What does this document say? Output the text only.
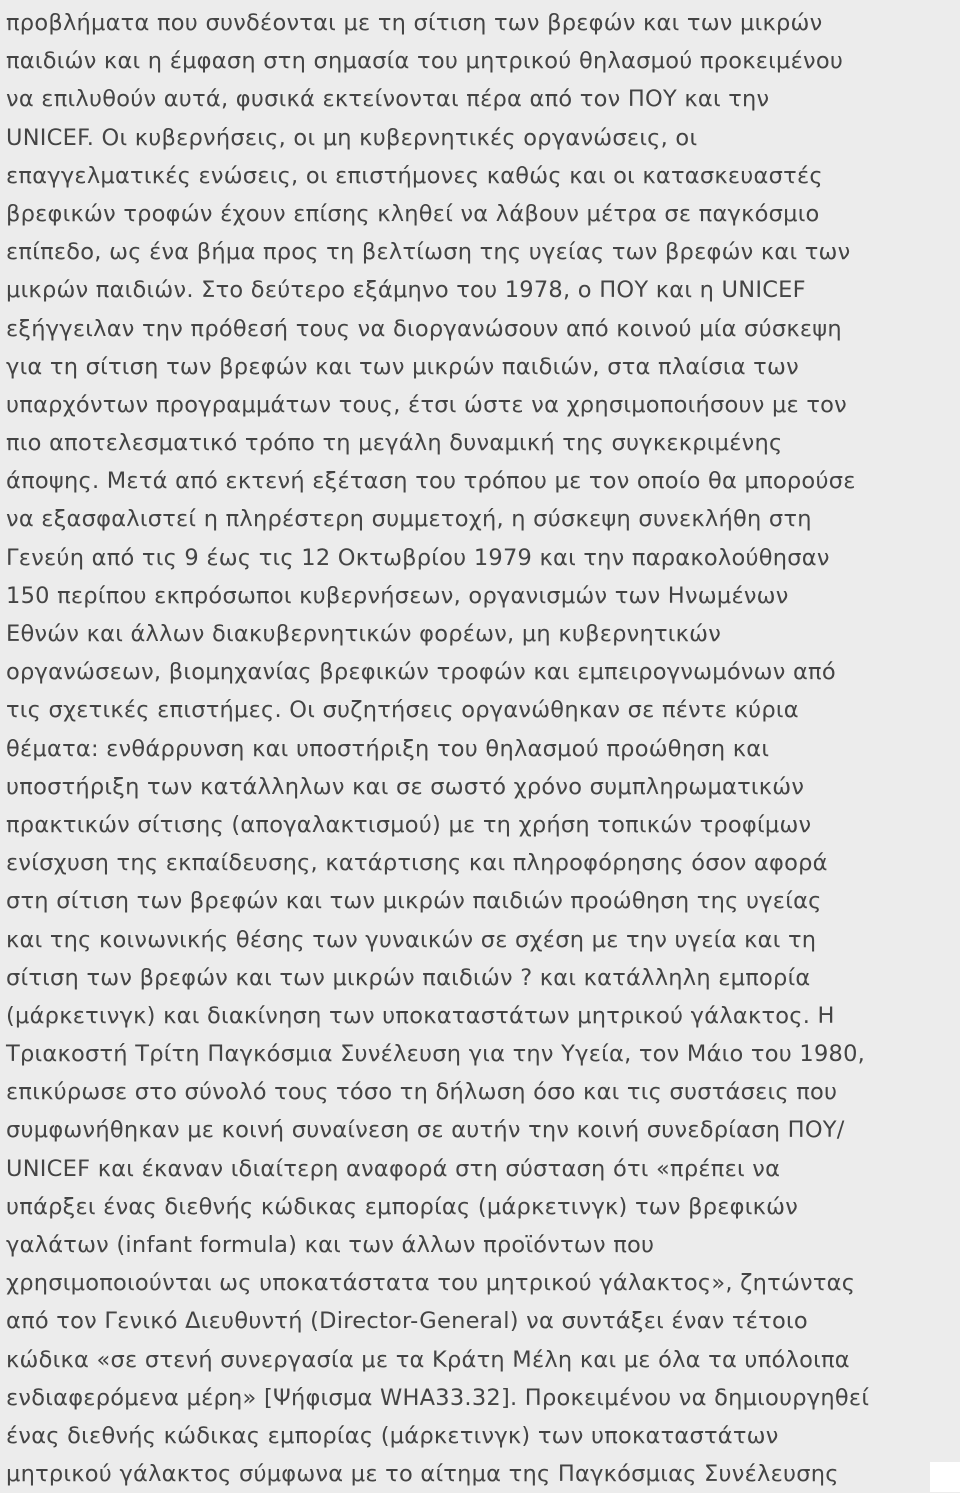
προβλήματα που συνδέονται με τη σίτιση των βρεφών και των μικρών
παιδιών και η έμφαση στη σημασία του μητρικού θηλασμού προκειμένου
να επιλυθούν αυτά, φυσικά εκτείνονται πέρα από τον ΠΟΥ και την
UNICEF. Οι κυβερνήσεις, οι μη κυβερνητικές οργανώσεις, οι
επαγγελματικές ενώσεις, οι επιστήμονες καθώς και οι κατασκευαστές
βρεφικών τροφών έχουν επίσης κληθεί να λάβουν μέτρα σε παγκόσμιο
επίπεδο, ως ένα βήμα προς τη βελτίωση της υγείας των βρεφών και των
μικρών παιδιών. Στο δεύτερο εξάμηνο του 1978, ο ΠΟΥ και η UNICEF
εξήγγειλαν την πρόθεσή τους να διοργανώσουν από κοινού μία σύσκεψη
για τη σίτιση των βρεφών και των μικρών παιδιών, στα πλαίσια των
υπαρχόντων προγραμμάτων τους, έτσι ώστε να χρησιμοποιήσουν με τον
πιο αποτελεσματικό τρόπο τη μεγάλη δυναμική της συγκεκριμένης
άποψης. Μετά από εκτενή εξέταση του τρόπου με τον οποίο θα μπορούσε
να εξασφαλιστεί η πληρέστερη συμμετοχή, η σύσκεψη συνεκλήθη στη
Γενεύη από τις 9 έως τις 12 Οκτωβρίου 1979 και την παρακολούθησαν
150 περίπου εκπρόσωποι κυβερνήσεων, οργανισμών των Ηνωμένων
Εθνών και άλλων διακυβερνητικών φορέων, μη κυβερνητικών
οργανώσεων, βιομηχανίας βρεφικών τροφών και εμπειρογνωμόνων από
τις σχετικές επιστήμες. Οι συζητήσεις οργανώθηκαν σε πέντε κύρια
θέματα: ενθάρρυνση και υποστήριξη του θηλασμού προώθηση και
υποστήριξη των κατάλληλων και σε σωστό χρόνο συμπληρωματικών
πρακτικών σίτισης (απογαλακτισμού) με τη χρήση τοπικών τροφίμων
ενίσχυση της εκπαίδευσης, κατάρτισης και πληροφόρησης όσον αφορά
στη σίτιση των βρεφών και των μικρών παιδιών προώθηση της υγείας
και της κοινωνικής θέσης των γυναικών σε σχέση με την υγεία και τη
σίτιση των βρεφών και των μικρών παιδιών ? και κατάλληλη εμπορία
(μάρκετινγκ) και διακίνηση των υποκαταστάτων μητρικού γάλακτος. Η
Τριακοστή Τρίτη Παγκόσμια Συνέλευση για την Υγεία, τον Μάιο του 1980,
επικύρωσε στο σύνολό τους τόσο τη δήλωση όσο και τις συστάσεις που
συμφωνήθηκαν με κοινή συναίνεση σε αυτήν την κοινή συνεδρίαση ΠΟΥ/
UNICEF και έκαναν ιδιαίτερη αναφορά στη σύσταση ότι «πρέπει να
υπάρξει ένας διεθνής κώδικας εμπορίας (μάρκετινγκ) των βρεφικών
γαλάτων (infant formula) και των άλλων προϊόντων που
χρησιμοποιούνται ως υποκατάστατα του μητρικού γάλακτος», ζητώντας
από τον Γενικό Διευθυντή (Director-General) να συντάξει έναν τέτοιο
κώδικα «σε στενή συνεργασία με τα Κράτη Μέλη και με όλα τα υπόλοιπα
ενδιαφερόμενα μέρη» [Ψήφισμα WHA33.32]. Προκειμένου να δημιουργηθεί
ένας διεθνής κώδικας εμπορίας (μάρκετινγκ) των υποκαταστάτων
μητρικού γάλακτος σύμφωνα με το αίτημα της Παγκόσμιας Συνέλευσης
